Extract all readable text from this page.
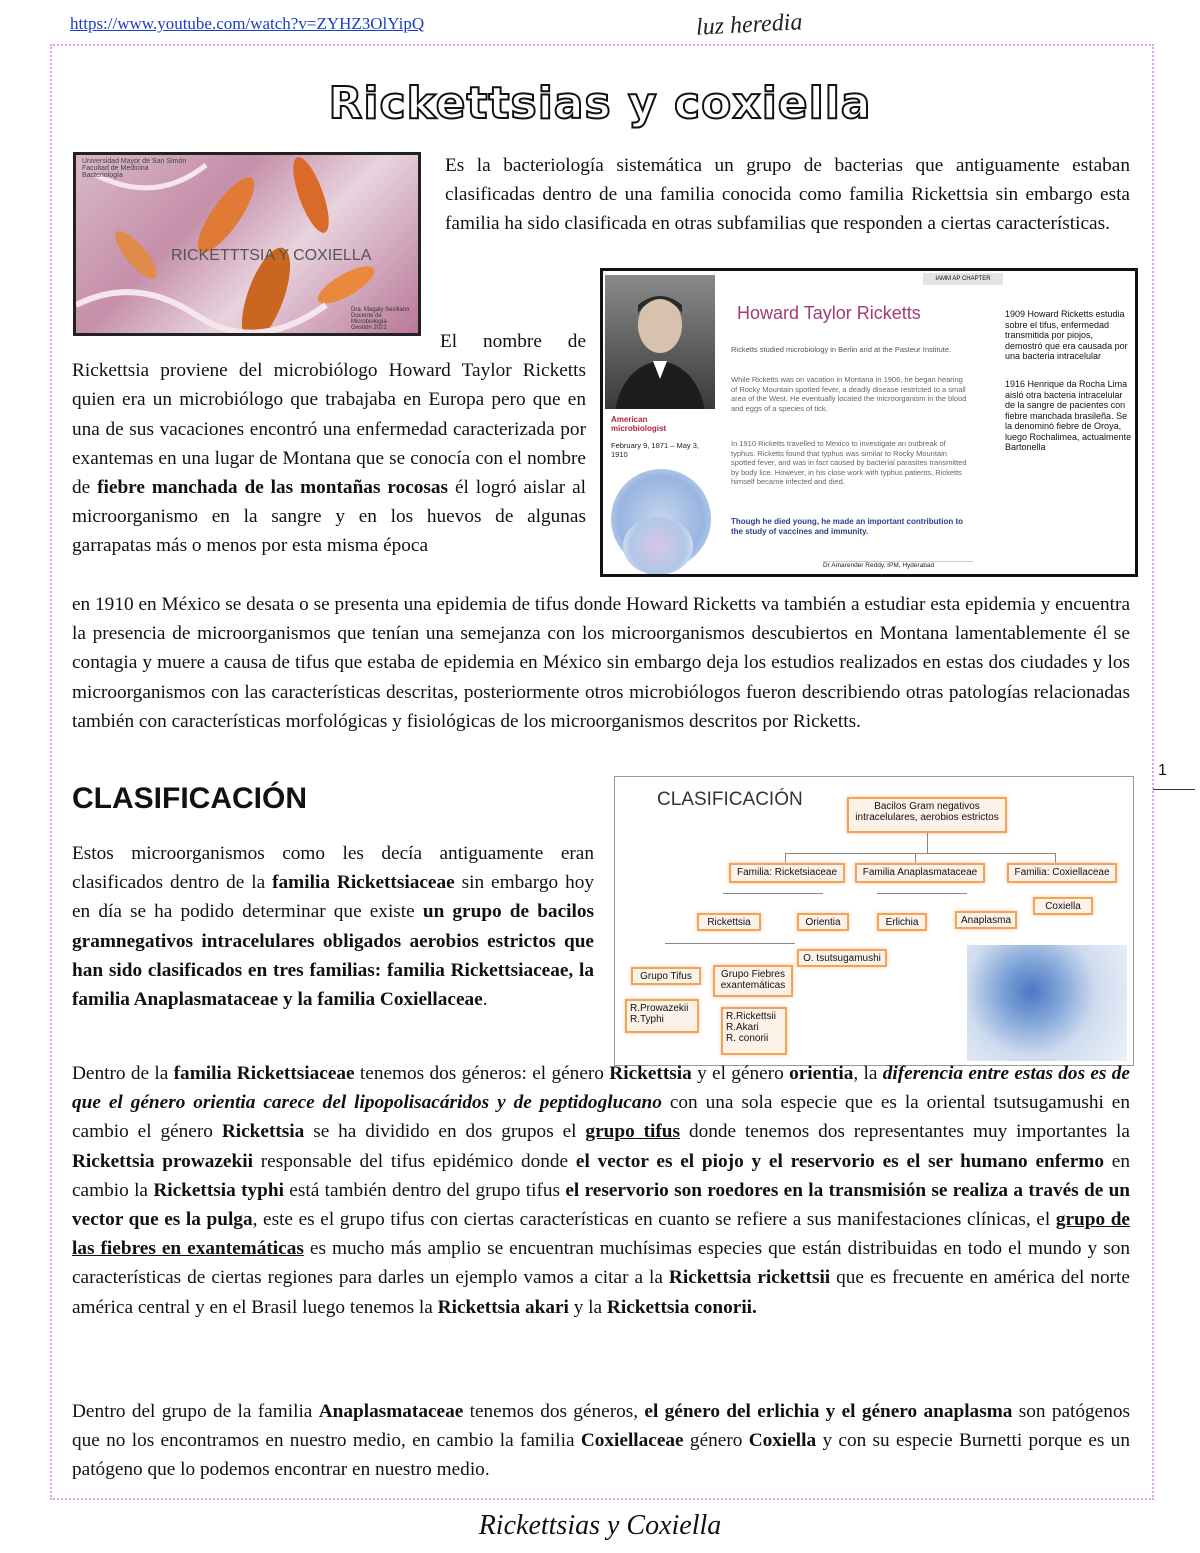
https://www.youtube.com/watch?v=ZYHZ3OlYipQ	luz heredia
Rickettsias y coxiella
Universidad Mayor de San Simón
Facultad de Medicina
Bacteriología
RICKETTTSIA Y COXIELLA
Dra. Magaly Sevillano
Docente de Microbiología
Gestión 2021

Es la bacteriología sistemática un grupo de bacterias que antiguamente estaban clasificadas dentro de una familia conocida como familia Rickettsia sin embargo esta familia ha sido clasificada en otras subfamilias que responden a ciertas características.

American microbiologist
February 9, 1871 – May 3, 1910
IAMM AP CHAPTER
Howard Taylor Ricketts
Ricketts studied microbiology in Berlin and at the Pasteur Institute.
While Ricketts was on vacation in Montana in 1906, he began hearing of Rocky Mountain spotted fever, a deadly disease restricted to a small area of the West. He eventually located the microorganism in the blood and eggs of a species of tick.
In 1910 Ricketts travelled to Mexico to investigate an outbreak of typhus. Ricketts found that typhus was similar to Rocky Mountain spotted fever, and was in fact caused by bacterial parasites transmitted by body lice. However, in his close work with typhus patients, Ricketts himself became infected and died.
Though he died young, he made an important contribution to the study of vaccines and immunity.
Dr Amarender Reddy, IPM, Hyderabad
1909 Howard Ricketts estudia sobre el tifus, enfermedad transmitida por piojos, demostró que era causada por una bacteria intracelular
1916 Henrique da Rocha Lima aisló otra bacteria intracelular de la sangre de pacientes con fiebre manchada brasileña. Se la denominó fiebre de Oroya, luego Rochalimea, actualmente Bartonella

El nombre de Rickettsia proviene del microbiólogo Howard Taylor Ricketts quien era un microbiólogo que trabajaba en Europa pero que en una de sus vacaciones encontró una enfermedad caracterizada por exantemas en una lugar de Montana que se conocía con el nombre de fiebre manchada de las montañas rocosas él logró aislar al microorganismo en la sangre y en los huevos de algunas garrapatas más o menos por esta misma época

en 1910 en México se desata o se presenta una epidemia de tifus donde Howard Ricketts va también a estudiar esta epidemia y encuentra la presencia de microorganismos que tenían una semejanza con los microorganismos descubiertos en Montana lamentablemente él se contagia y muere a causa de tifus que estaba de epidemia en México sin embargo deja los estudios realizados en estas dos ciudades y los microorganismos con las características descritas, posteriormente otros microbiólogos fueron describiendo otras patologías relacionadas también con características morfológicas y fisiológicas de los microorganismos descritos por Ricketts.

CLASIFICACIÓN
1

Estos microorganismos como les decía antiguamente eran clasificados dentro de la familia Rickettsiaceae sin embargo hoy en día se ha podido determinar que existe un grupo de bacilos gramnegativos intracelulares obligados aerobios estrictos que han sido clasificados en tres familias: familia Rickettsiaceae, la familia Anaplasmataceae y la familia Coxiellaceae.

CLASIFICACIÓN	Bacilos Gram negativos intracelulares, aerobios estrictos
Familia: Ricketsiaceae	Familia Anaplasmataceae	Familia: Coxiellaceae
Rickettsia	Orientia	Erlichia	Anaplasma
Coxiella
O. tsutsugamushi
Grupo Tifus	Grupo Fiebres exantemáticas
R.Prowazekii
R.Typhi	R.Rickettsii
R.Akari
R. conorii

Dentro de la familia Rickettsiaceae tenemos dos géneros: el género Rickettsia y el género orientia, la diferencia entre estas dos es de que el género orientia carece del lipopolisacáridos y de peptidoglucano con una sola especie que es la oriental tsutsugamushi en cambio el género Rickettsia se ha dividido en dos grupos el grupo tifus donde tenemos dos representantes muy importantes la Rickettsia prowazekii responsable del tifus epidémico donde el vector es el piojo y el reservorio es el ser humano enfermo en cambio la Rickettsia typhi está también dentro del grupo tifus el reservorio son roedores en la transmisión se realiza a través de un vector que es la pulga, este es el grupo tifus con ciertas características en cuanto se refiere a sus manifestaciones clínicas, el grupo de las fiebres en exantemáticas es mucho más amplio se encuentran muchísimas especies que están distribuidas en todo el mundo y son características de ciertas regiones para darles un ejemplo vamos a citar a la Rickettsia rickettsii que es frecuente en américa del norte américa central y en el Brasil luego tenemos la Rickettsia akari y la Rickettsia conorii.

Dentro del grupo de la familia Anaplasmataceae tenemos dos géneros, el género del erlichia y el género anaplasma son patógenos que no los encontramos en nuestro medio, en cambio la familia Coxiellaceae género Coxiella y con su especie Burnetti porque es un patógeno que lo podemos encontrar en nuestro medio.

Rickettsias y Coxiella
